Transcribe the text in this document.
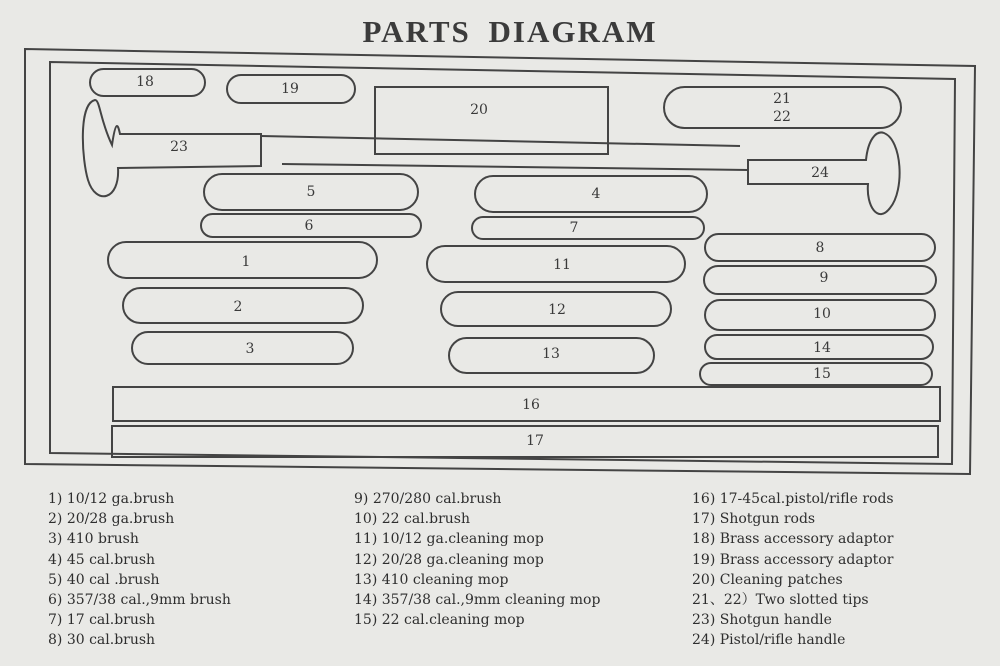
PARTS DIAGRAM
18	19
5	4
6	7
8
1	11
9
2	12	10
3	13	14
15
21
22
20
16
17
23
24
1) 10/12 ga.brush
2) 20/28 ga.brush
3) 410 brush
4) 45 cal.brush
5) 40 cal .brush
6) 357/38 cal.,9mm brush
7) 17 cal.brush
8) 30 cal.brush
9) 270/280 cal.brush
10) 22 cal.brush
11) 10/12 ga.cleaning mop
12) 20/28 ga.cleaning mop
13) 410 cleaning mop
14) 357/38 cal.,9mm cleaning mop
15) 22 cal.cleaning mop
16) 17-45cal.pistol/rifle rods
17) Shotgun rods
18) Brass accessory adaptor
19) Brass accessory adaptor
20) Cleaning patches
21、22）Two slotted tips
23) Shotgun handle
24) Pistol/rifle handle
